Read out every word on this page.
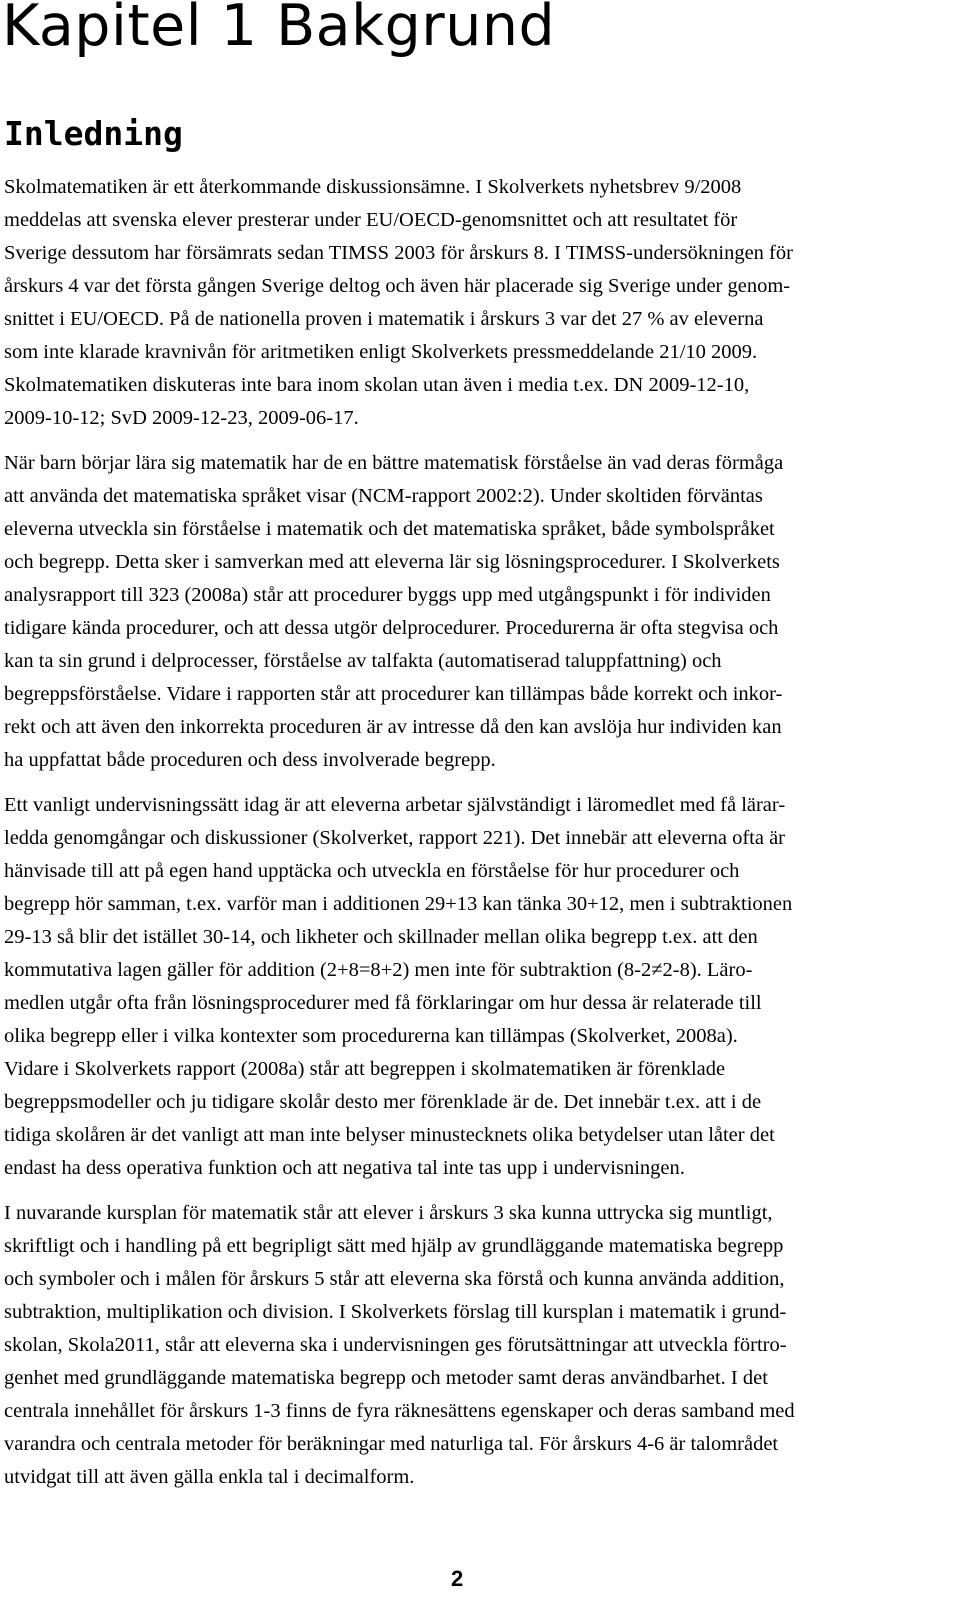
Kapitel 1 Bakgrund
Inledning

Skolmatematiken är ett återkommande diskussionsämne. I Skolverkets nyhetsbrev 9/2008
meddelas att svenska elever presterar under EU/OECD-genomsnittet och att resultatet för
Sverige dessutom har försämrats sedan TIMSS 2003 för årskurs 8. I TIMSS-undersökningen för
årskurs 4 var det första gången Sverige deltog och även här placerade sig Sverige under genom-
snittet i EU/OECD. På de nationella proven i matematik i årskurs 3 var det 27 % av eleverna
som inte klarade kravnivån för aritmetiken enligt Skolverkets pressmeddelande 21/10 2009.
Skolmatematiken diskuteras inte bara inom skolan utan även i media t.ex. DN 2009-12-10,
2009-10-12; SvD 2009-12-23, 2009-06-17.

När barn börjar lära sig matematik har de en bättre matematisk förståelse än vad deras förmåga
att använda det matematiska språket visar (NCM-rapport 2002:2). Under skoltiden förväntas
eleverna utveckla sin förståelse i matematik och det matematiska språket, både symbolspråket
och begrepp. Detta sker i samverkan med att eleverna lär sig lösningsprocedurer. I Skolverkets
analysrapport till 323 (2008a) står att procedurer byggs upp med utgångspunkt i för individen
tidigare kända procedurer, och att dessa utgör delprocedurer. Procedurerna är ofta stegvisa och
kan ta sin grund i delprocesser, förståelse av talfakta (automatiserad taluppfattning) och
begreppsförståelse. Vidare i rapporten står att procedurer kan tillämpas både korrekt och inkor-
rekt och att även den inkorrekta proceduren är av intresse då den kan avslöja hur individen kan
ha uppfattat både proceduren och dess involverade begrepp.

Ett vanligt undervisningssätt idag är att eleverna arbetar självständigt i läromedlet med få lärar-
ledda genomgångar och diskussioner (Skolverket, rapport 221). Det innebär att eleverna ofta är
hänvisade till att på egen hand upptäcka och utveckla en förståelse för hur procedurer och
begrepp hör samman, t.ex. varför man i additionen 29+13 kan tänka 30+12, men i subtraktionen
29-13 så blir det istället 30-14, och likheter och skillnader mellan olika begrepp t.ex. att den
kommutativa lagen gäller för addition (2+8=8+2) men inte för subtraktion (8-2≠2-8). Läro-
medlen utgår ofta från lösningsprocedurer med få förklaringar om hur dessa är relaterade till
olika begrepp eller i vilka kontexter som procedurerna kan tillämpas (Skolverket, 2008a).
Vidare i Skolverkets rapport (2008a) står att begreppen i skolmatematiken är förenklade
begreppsmodeller och ju tidigare skolår desto mer förenklade är de. Det innebär t.ex. att i de
tidiga skolåren är det vanligt att man inte belyser minustecknets olika betydelser utan låter det
endast ha dess operativa funktion och att negativa tal inte tas upp i undervisningen.

I nuvarande kursplan för matematik står att elever i årskurs 3 ska kunna uttrycka sig muntligt,
skriftligt och i handling på ett begripligt sätt med hjälp av grundläggande matematiska begrepp
och symboler och i målen för årskurs 5 står att eleverna ska förstå och kunna använda addition,
subtraktion, multiplikation och division. I Skolverkets förslag till kursplan i matematik i grund-
skolan, Skola2011, står att eleverna ska i undervisningen ges förutsättningar att utveckla förtro-
genhet med grundläggande matematiska begrepp och metoder samt deras användbarhet. I det
centrala innehållet för årskurs 1-3 finns de fyra räknesättens egenskaper och deras samband med
varandra och centrala metoder för beräkningar med naturliga tal. För årskurs 4-6 är talområdet
utvidgat till att även gälla enkla tal i decimalform.

2
